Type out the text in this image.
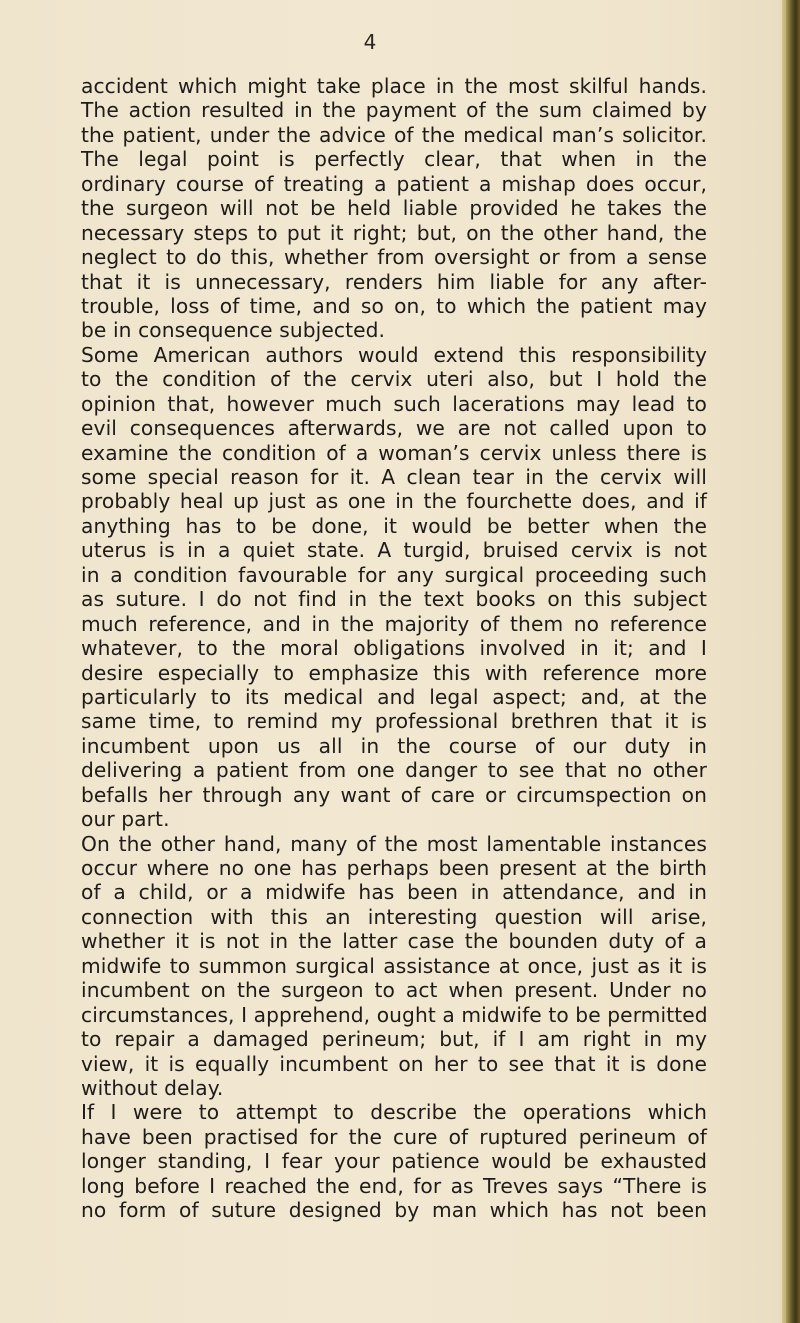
4
accident which might take place in the most skilful hands.
The action resulted in the payment of the sum claimed by
the patient, under the advice of the medical man’s solicitor.
The legal point is perfectly clear, that when in the
ordinary course of treating a patient a mishap does occur,
the surgeon will not be held liable provided he takes the
necessary steps to put it right; but, on the other hand, the
neglect to do this, whether from oversight or from a sense
that it is unnecessary, renders him liable for any after-
trouble, loss of time, and so on, to which the patient may
be in consequence subjected.
Some American authors would extend this responsibility
to the condition of the cervix uteri also, but I hold the
opinion that, however much such lacerations may lead to
evil consequences afterwards, we are not called upon to
examine the condition of a woman’s cervix unless there is
some special reason for it. A clean tear in the cervix will
probably heal up just as one in the fourchette does, and if
anything has to be done, it would be better when the
uterus is in a quiet state. A turgid, bruised cervix is not
in a condition favourable for any surgical proceeding such
as suture. I do not find in the text books on this subject
much reference, and in the majority of them no reference
whatever, to the moral obligations involved in it; and I
desire especially to emphasize this with reference more
particularly to its medical and legal aspect; and, at the
same time, to remind my professional brethren that it is
incumbent upon us all in the course of our duty in
delivering a patient from one danger to see that no other
befalls her through any want of care or circumspection on
our part.
On the other hand, many of the most lamentable instances
occur where no one has perhaps been present at the birth
of a child, or a midwife has been in attendance, and in
connection with this an interesting question will arise,
whether it is not in the latter case the bounden duty of a
midwife to summon surgical assistance at once, just as it is
incumbent on the surgeon to act when present. Under no
circumstances, I apprehend, ought a midwife to be permitted
to repair a damaged perineum; but, if I am right in my
view, it is equally incumbent on her to see that it is done
without delay.
If I were to attempt to describe the operations which
have been practised for the cure of ruptured perineum of
longer standing, I fear your patience would be exhausted
long before I reached the end, for as Treves says “There is
no form of suture designed by man which has not been
